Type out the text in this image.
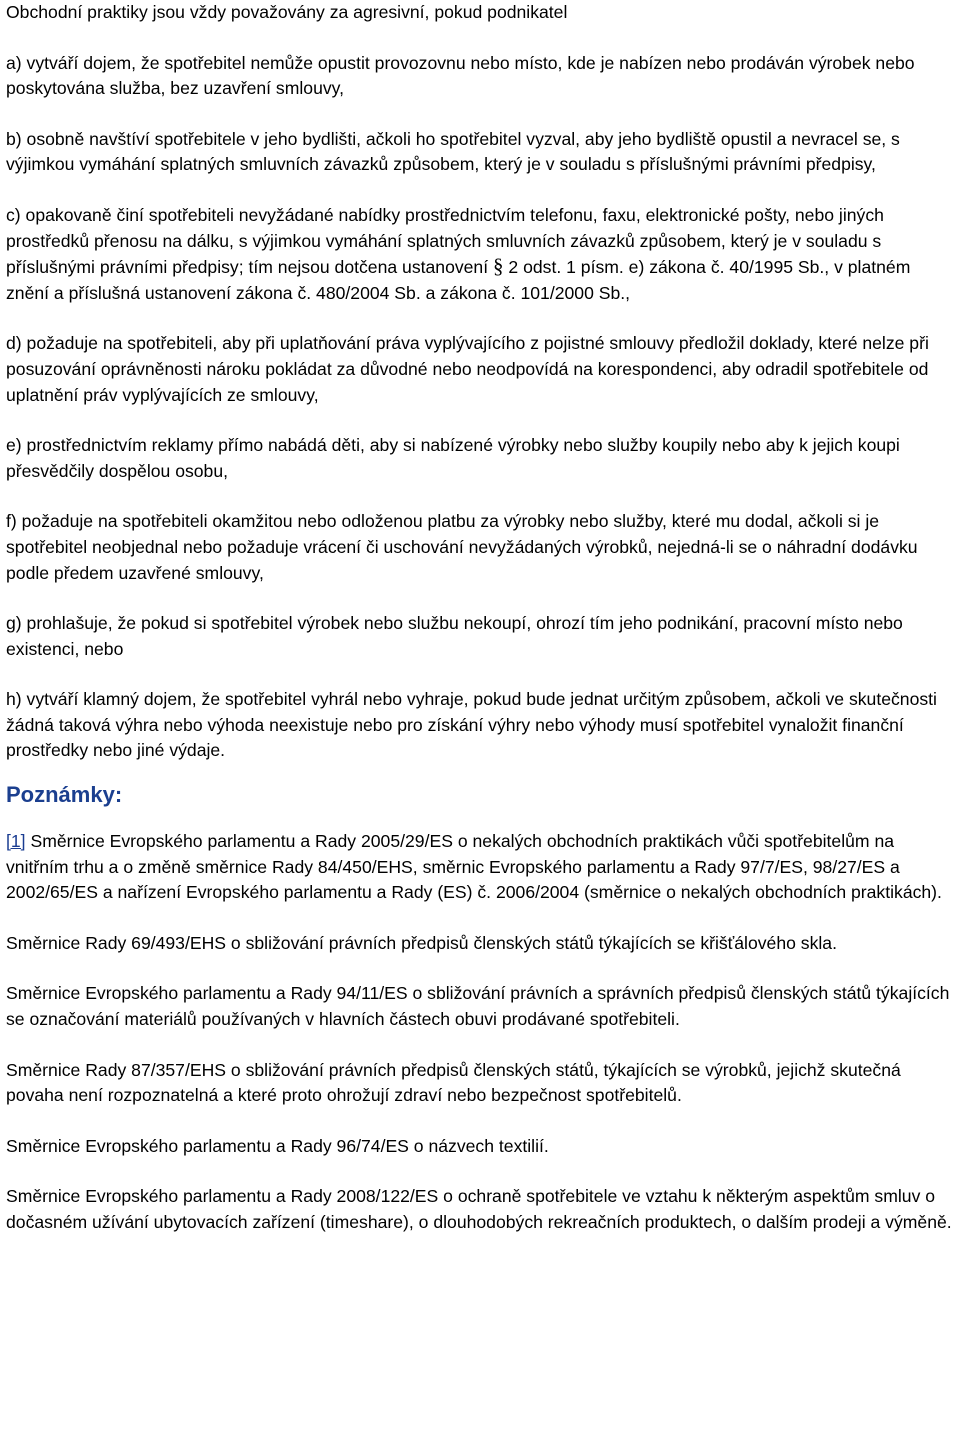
Obchodní praktiky jsou vždy považovány za agresivní, pokud podnikatel

a) vytváří dojem, že spotřebitel nemůže opustit provozovnu nebo místo, kde je nabízen nebo prodáván výrobek nebo poskytována služba, bez uzavření smlouvy,

b) osobně navštíví spotřebitele v jeho bydlišti, ačkoli ho spotřebitel vyzval, aby jeho bydliště opustil a nevracel se, s výjimkou vymáhání splatných smluvních závazků způsobem, který je v souladu s příslušnými právními předpisy,

c) opakovaně činí spotřebiteli nevyžádané nabídky prostřednictvím telefonu, faxu, elektronické pošty, nebo jiných prostředků přenosu na dálku, s výjimkou vymáhání splatných smluvních závazků způsobem, který je v souladu s příslušnými právními předpisy; tím nejsou dotčena ustanovení § 2 odst. 1 písm. e) zákona č. 40/1995 Sb., v platném znění a příslušná ustanovení zákona č. 480/2004 Sb. a zákona č. 101/2000 Sb.,

d) požaduje na spotřebiteli, aby při uplatňování práva vyplývajícího z pojistné smlouvy předložil doklady, které nelze při posuzování oprávněnosti nároku pokládat za důvodné nebo neodpovídá na korespondenci, aby odradil spotřebitele od uplatnění práv vyplývajících ze smlouvy,

e) prostřednictvím reklamy přímo nabádá děti, aby si nabízené výrobky nebo služby koupily nebo aby k jejich koupi přesvědčily dospělou osobu,

f) požaduje na spotřebiteli okamžitou nebo odloženou platbu za výrobky nebo služby, které mu dodal, ačkoli si je spotřebitel neobjednal nebo požaduje vrácení či uschování nevyžádaných výrobků, nejedná-li se o náhradní dodávku podle předem uzavřené smlouvy,

g) prohlašuje, že pokud si spotřebitel výrobek nebo službu nekoupí, ohrozí tím jeho podnikání, pracovní místo nebo existenci, nebo

h) vytváří klamný dojem, že spotřebitel vyhrál nebo vyhraje, pokud bude jednat určitým způsobem, ačkoli ve skutečnosti žádná taková výhra nebo výhoda neexistuje nebo pro získání výhry nebo výhody musí spotřebitel vynaložit finanční prostředky nebo jiné výdaje.

Poznámky:

[1] Směrnice Evropského parlamentu a Rady 2005/29/ES o nekalých obchodních praktikách vůči spotřebitelům na vnitřním trhu a o změně směrnice Rady 84/450/EHS, směrnic Evropského parlamentu a Rady 97/7/ES, 98/27/ES a 2002/65/ES a nařízení Evropského parlamentu a Rady (ES) č. 2006/2004 (směrnice o nekalých obchodních praktikách).

Směrnice Rady 69/493/EHS o sbližování právních předpisů členských států týkajících se křišťálového skla.

Směrnice Evropského parlamentu a Rady 94/11/ES o sbližování právních a správních předpisů členských států týkajících se označování materiálů používaných v hlavních částech obuvi prodávané spotřebiteli.

Směrnice Rady 87/357/EHS o sbližování právních předpisů členských států, týkajících se výrobků, jejichž skutečná povaha není rozpoznatelná a které proto ohrožují zdraví nebo bezpečnost spotřebitelů.

Směrnice Evropského parlamentu a Rady 96/74/ES o názvech textilií.

Směrnice Evropského parlamentu a Rady 2008/122/ES o ochraně spotřebitele ve vztahu k některým aspektům smluv o dočasném užívání ubytovacích zařízení (timeshare), o dlouhodobých rekreačních produktech, o dalším prodeji a výměně.
